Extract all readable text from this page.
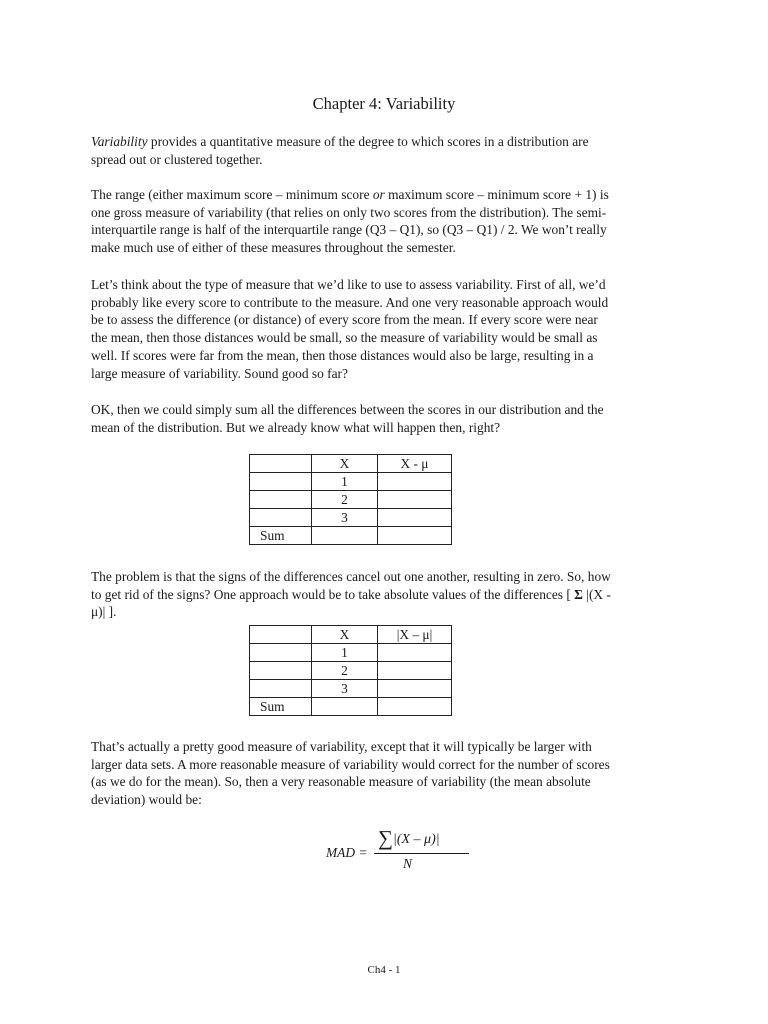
Chapter 4: Variability
Variability provides a quantitative measure of the degree to which scores in a distribution are
spread out or clustered together.
The range (either maximum score – minimum score or maximum score – minimum score + 1) is
one gross measure of variability (that relies on only two scores from the distribution). The semi-
interquartile range is half of the interquartile range (Q3 – Q1), so (Q3 – Q1) / 2. We won’t really
make much use of either of these measures throughout the semester.
Let’s think about the type of measure that we’d like to use to assess variability. First of all, we’d
probably like every score to contribute to the measure. And one very reasonable approach would
be to assess the difference (or distance) of every score from the mean. If every score were near
the mean, then those distances would be small, so the measure of variability would be small as
well. If scores were far from the mean, then those distances would also be large, resulting in a
large measure of variability. Sound good so far?
OK, then we could simply sum all the differences between the scores in our distribution and the
mean of the distribution. But we already know what will happen then, right?
	X	X - μ
	1	
	2	
	3	
Sum		
The problem is that the signs of the differences cancel out one another, resulting in zero. So, how
to get rid of the signs? One approach would be to take absolute values of the differences [ Σ |(X -
μ)| ].
	X	|X – μ|
	1	
	2	
	3	
Sum		
That’s actually a pretty good measure of variability, except that it will typically be larger with
larger data sets. A more reasonable measure of variability would correct for the number of scores
(as we do for the mean). So, then a very reasonable measure of variability (the mean absolute
deviation) would be:
MAD =
∑|(X – μ)|
N
Ch4 - 1
